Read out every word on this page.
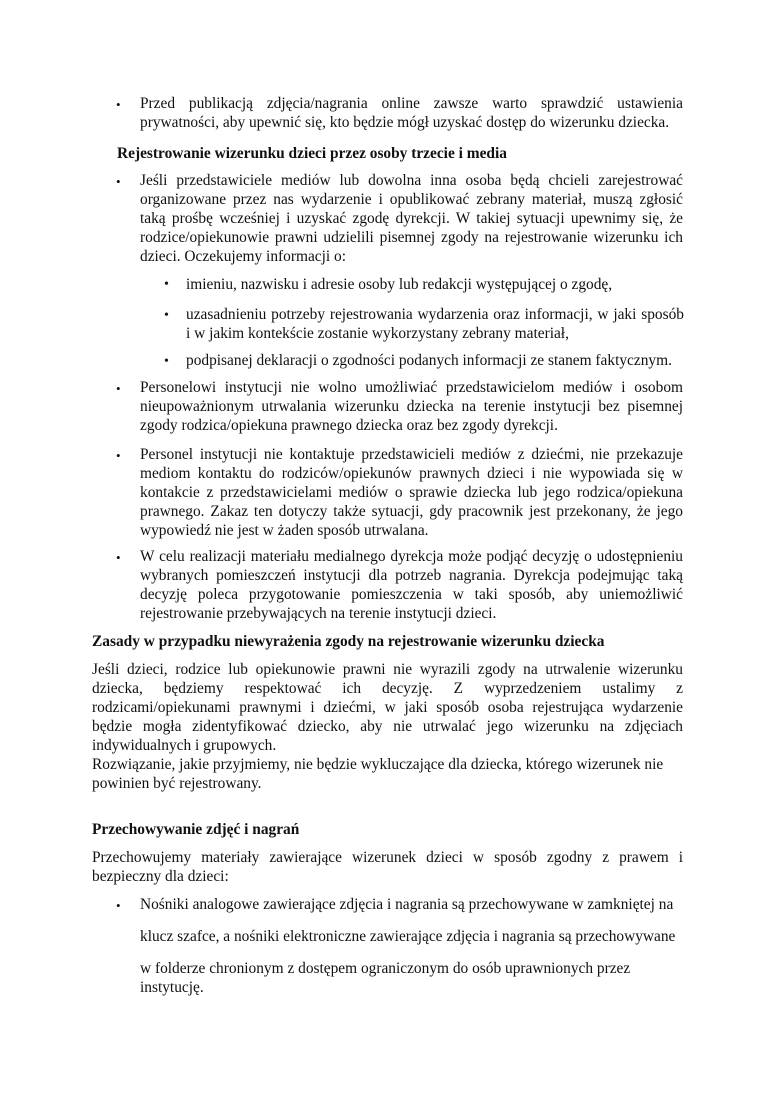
• Przed publikacją zdjęcia/nagrania online zawsze warto sprawdzić ustawienia prywatności, aby upewnić się, kto będzie mógł uzyskać dostęp do wizerunku dziecka.
Rejestrowanie wizerunku dzieci przez osoby trzecie i media
• Jeśli przedstawiciele mediów lub dowolna inna osoba będą chcieli zarejestrować organizowane przez nas wydarzenie i opublikować zebrany materiał, muszą zgłosić taką prośbę wcześniej i uzyskać zgodę dyrekcji. W takiej sytuacji upewnimy się, że rodzice/opiekunowie prawni udzielili pisemnej zgody na rejestrowanie wizerunku ich dzieci. Oczekujemy informacji o:
• imieniu, nazwisku i adresie osoby lub redakcji występującej o zgodę,
• uzasadnieniu potrzeby rejestrowania wydarzenia oraz informacji, w jaki sposób i w jakim kontekście zostanie wykorzystany zebrany materiał,
• podpisanej deklaracji o zgodności podanych informacji ze stanem faktycznym.
• Personelowi instytucji nie wolno umożliwiać przedstawicielom mediów i osobom nieupoważnionym utrwalania wizerunku dziecka na terenie instytucji bez pisemnej zgody rodzica/opiekuna prawnego dziecka oraz bez zgody dyrekcji.
• Personel instytucji nie kontaktuje przedstawicieli mediów z dziećmi, nie przekazuje mediom kontaktu do rodziców/opiekunów prawnych dzieci i nie wypowiada się w kontakcie z przedstawicielami mediów o sprawie dziecka lub jego rodzica/opiekuna prawnego. Zakaz ten dotyczy także sytuacji, gdy pracownik jest przekonany, że jego wypowiedź nie jest w żaden sposób utrwalana.
• W celu realizacji materiału medialnego dyrekcja może podjąć decyzję o udostępnieniu wybranych pomieszczeń instytucji dla potrzeb nagrania. Dyrekcja podejmując taką decyzję poleca przygotowanie pomieszczenia w taki sposób, aby uniemożliwić rejestrowanie przebywających na terenie instytucji dzieci.
Zasady w przypadku niewyrażenia zgody na rejestrowanie wizerunku dziecka
Jeśli dzieci, rodzice lub opiekunowie prawni nie wyrazili zgody na utrwalenie wizerunku dziecka, będziemy respektować ich decyzję. Z wyprzedzeniem ustalimy z rodzicami/opiekunami prawnymi i dziećmi, w jaki sposób osoba rejestrująca wydarzenie będzie mogła zidentyfikować dziecko, aby nie utrwalać jego wizerunku na zdjęciach indywidualnych i grupowych.
Rozwiązanie, jakie przyjmiemy, nie będzie wykluczające dla dziecka, którego wizerunek nie powinien być rejestrowany.
Przechowywanie zdjęć i nagrań
Przechowujemy materiały zawierające wizerunek dzieci w sposób zgodny z prawem i bezpieczny dla dzieci:
• Nośniki analogowe zawierające zdjęcia i nagrania są przechowywane w zamkniętej na
klucz szafce, a nośniki elektroniczne zawierające zdjęcia i nagrania są przechowywane
w folderze chronionym z dostępem ograniczonym do osób uprawnionych przez
instytucję.
